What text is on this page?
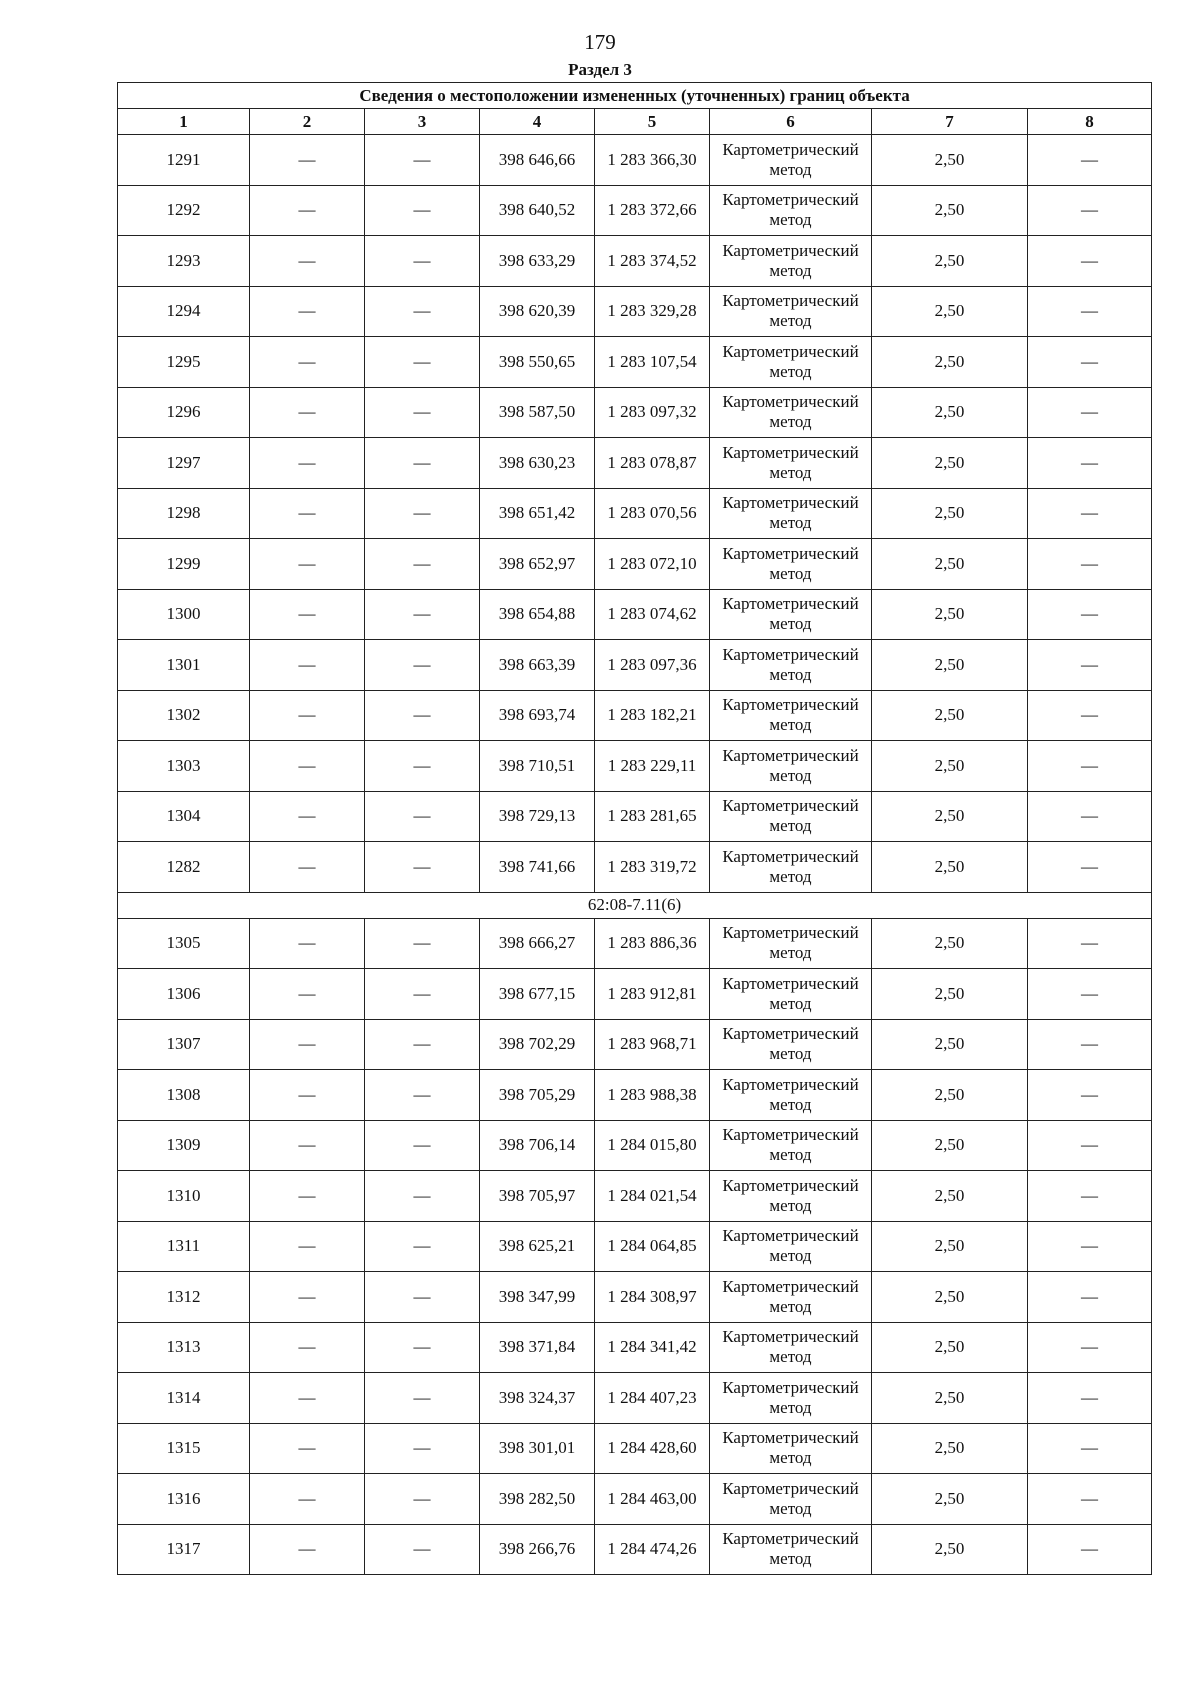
179
Раздел 3
Сведения о местоположении измененных (уточненных) границ объекта							
1	2	3	4	5	6	7	8
1291	—	—	398 646,66	1 283 366,30	Картометрический метод	2,50	—
1292	—	—	398 640,52	1 283 372,66	Картометрический метод	2,50	—
1293	—	—	398 633,29	1 283 374,52	Картометрический метод	2,50	—
1294	—	—	398 620,39	1 283 329,28	Картометрический метод	2,50	—
1295	—	—	398 550,65	1 283 107,54	Картометрический метод	2,50	—
1296	—	—	398 587,50	1 283 097,32	Картометрический метод	2,50	—
1297	—	—	398 630,23	1 283 078,87	Картометрический метод	2,50	—
1298	—	—	398 651,42	1 283 070,56	Картометрический метод	2,50	—
1299	—	—	398 652,97	1 283 072,10	Картометрический метод	2,50	—
1300	—	—	398 654,88	1 283 074,62	Картометрический метод	2,50	—
1301	—	—	398 663,39	1 283 097,36	Картометрический метод	2,50	—
1302	—	—	398 693,74	1 283 182,21	Картометрический метод	2,50	—
1303	—	—	398 710,51	1 283 229,11	Картометрический метод	2,50	—
1304	—	—	398 729,13	1 283 281,65	Картометрический метод	2,50	—
1282	—	—	398 741,66	1 283 319,72	Картометрический метод	2,50	—
62:08-7.11(6)							
1305	—	—	398 666,27	1 283 886,36	Картометрический метод	2,50	—
1306	—	—	398 677,15	1 283 912,81	Картометрический метод	2,50	—
1307	—	—	398 702,29	1 283 968,71	Картометрический метод	2,50	—
1308	—	—	398 705,29	1 283 988,38	Картометрический метод	2,50	—
1309	—	—	398 706,14	1 284 015,80	Картометрический метод	2,50	—
1310	—	—	398 705,97	1 284 021,54	Картометрический метод	2,50	—
1311	—	—	398 625,21	1 284 064,85	Картометрический метод	2,50	—
1312	—	—	398 347,99	1 284 308,97	Картометрический метод	2,50	—
1313	—	—	398 371,84	1 284 341,42	Картометрический метод	2,50	—
1314	—	—	398 324,37	1 284 407,23	Картометрический метод	2,50	—
1315	—	—	398 301,01	1 284 428,60	Картометрический метод	2,50	—
1316	—	—	398 282,50	1 284 463,00	Картометрический метод	2,50	—
1317	—	—	398 266,76	1 284 474,26	Картометрический метод	2,50	—
